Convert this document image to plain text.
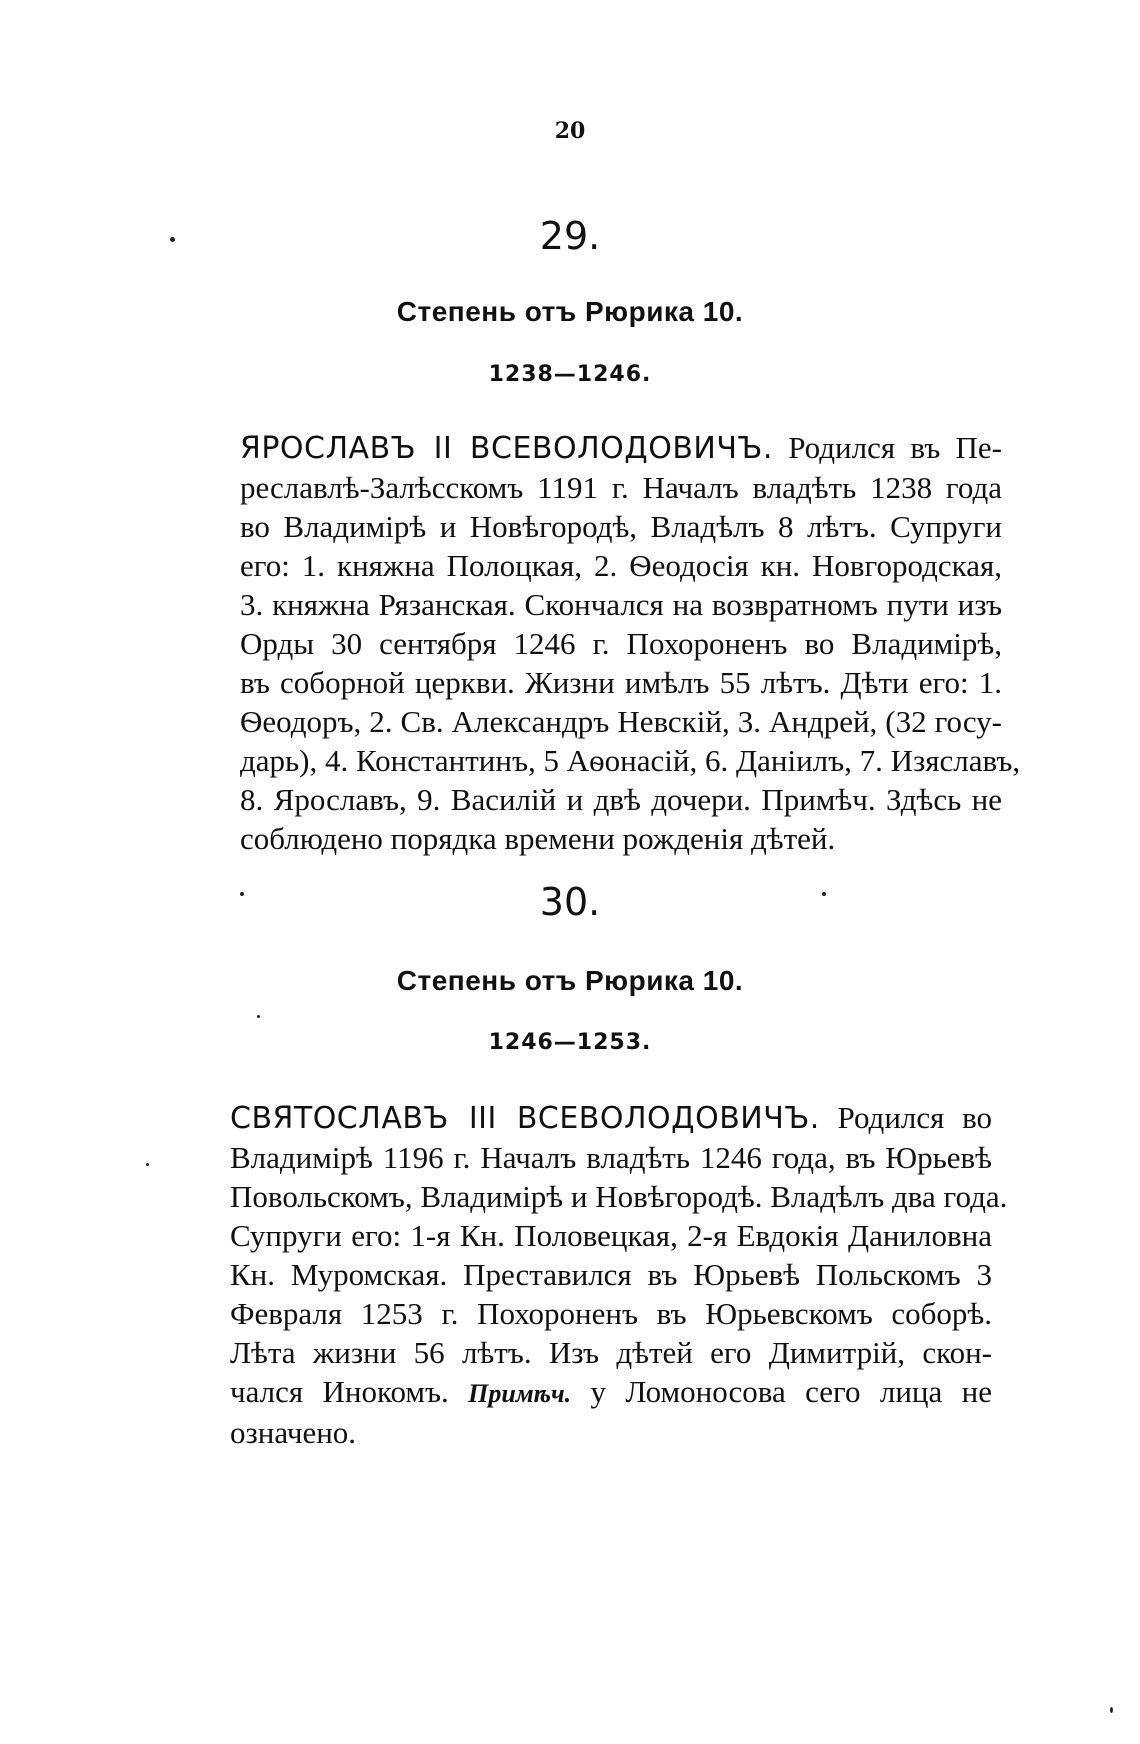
20
29.
Степень отъ Рюрика 10.
1238—1246.
ЯРОСЛАВЪ II ВСЕВОЛОДОВИЧЪ. Родился въ Пе-
реславлѣ-Залѣсскомъ 1191 г. Началъ владѣть 1238 года
во Владимірѣ и Новѣгородѣ, Владѣлъ 8 лѣтъ. Супруги
его: 1. княжна Полоцкая, 2. Ѳеодосія кн. Новгородская,
3. княжна Рязанская. Скончался на возвратномъ пути изъ
Орды 30 сентября 1246 г. Похороненъ во Владимірѣ,
въ соборной церкви. Жизни имѣлъ 55 лѣтъ. Дѣти его: 1.
Ѳеодоръ, 2. Св. Александръ Невскій, 3. Андрей, (32 госу-
дарь), 4. Константинъ, 5 Аѳонасій, 6. Даніилъ, 7. Изяславъ,
8. Ярославъ, 9. Василій и двѣ дочери. Примѣч. Здѣсь не
соблюдено порядка времени рожденія дѣтей.
30.
Степень отъ Рюрика 10.
1246—1253.
СВЯТОСЛАВЪ III ВСЕВОЛОДОВИЧЪ. Родился во
Владимірѣ 1196 г. Началъ владѣть 1246 года, въ Юрьевѣ
Повольскомъ, Владимірѣ и Новѣгородѣ. Владѣлъ два года.
Супруги его: 1-я Кн. Половецкая, 2-я Евдокія Даниловна
Кн. Муромская. Преставился въ Юрьевѣ Польскомъ 3
Февраля 1253 г. Похороненъ въ Юрьевскомъ соборѣ.
Лѣта жизни 56 лѣтъ. Изъ дѣтей его Димитрій, скон-
чался Инокомъ. Примѣч. у Ломоносова сего лица не
означено.
